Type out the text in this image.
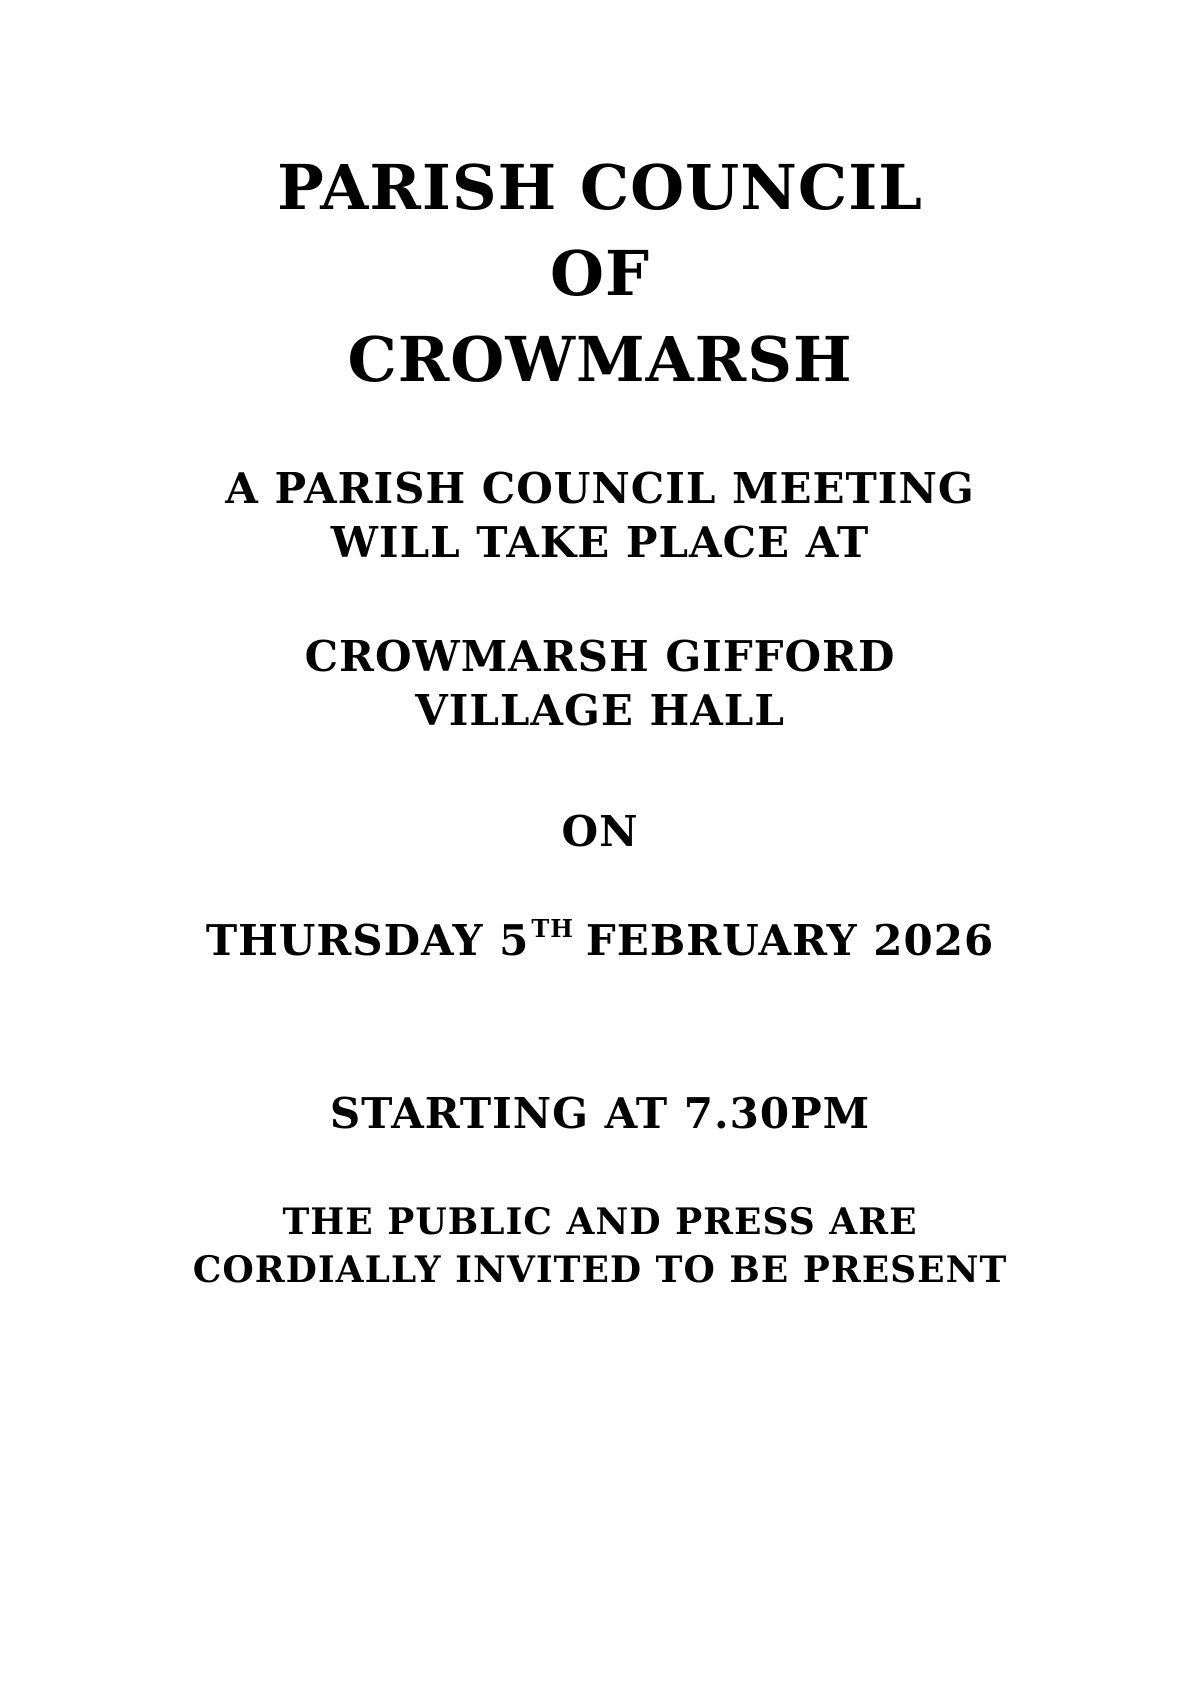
PARISH COUNCIL
OF
CROWMARSH
A PARISH COUNCIL MEETING
WILL TAKE PLACE AT
CROWMARSH GIFFORD
VILLAGE HALL
ON
THURSDAY 5TH FEBRUARY 2026
STARTING AT 7.30PM
THE PUBLIC AND PRESS ARE
CORDIALLY INVITED TO BE PRESENT
